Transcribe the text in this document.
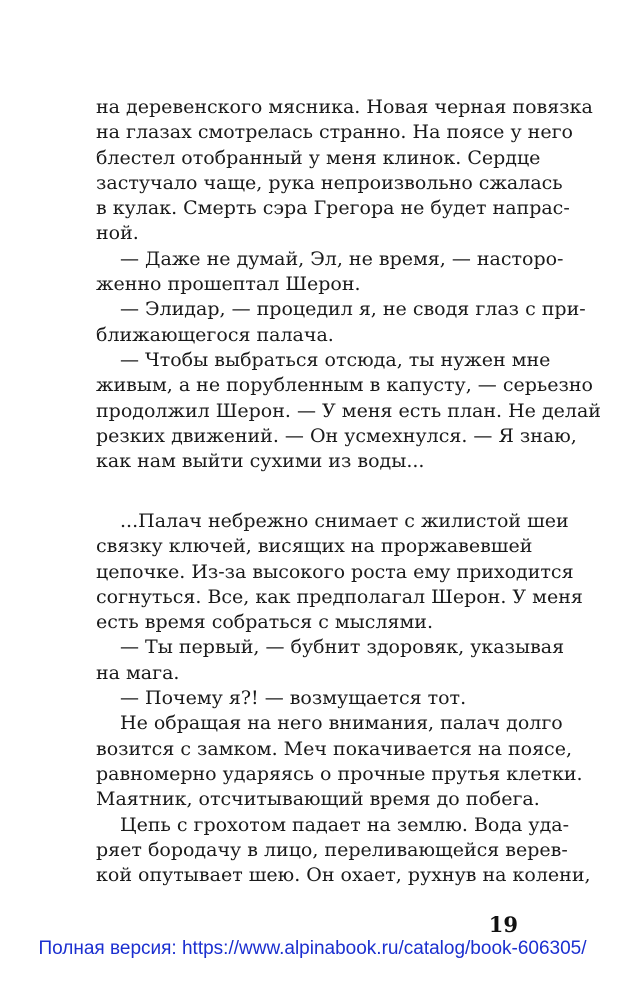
на деревенского мясника. Новая черная повязка
на глазах смотрелась странно. На поясе у него
блестел отобранный у меня клинок. Сердце
застучало чаще, рука непроизвольно сжалась
в кулак. Смерть сэра Грегора не будет напрас-
ной.
— Даже не думай, Эл, не время, — насторо-
женно прошептал Шерон.
— Элидар, — процедил я, не сводя глаз с при-
ближающегося палача.
— Чтобы выбраться отсюда, ты нужен мне
живым, а не порубленным в капусту, — серьезно
продолжил Шерон. — У меня есть план. Не делай
резких движений. — Он усмехнулся. — Я знаю,
как нам выйти сухими из воды...
...Палач небрежно снимает с жилистой шеи
связку ключей, висящих на проржавевшей
цепочке. Из-за высокого роста ему приходится
согнуться. Все, как предполагал Шерон. У меня
есть время собраться с мыслями.
— Ты первый, — бубнит здоровяк, указывая
на мага.
— Почему я?! — возмущается тот.
Не обращая на него внимания, палач долго
возится с замком. Меч покачивается на поясе,
равномерно ударяясь о прочные прутья клетки.
Маятник, отсчитывающий время до побега.
Цепь с грохотом падает на землю. Вода уда-
ряет бородачу в лицо, переливающейся верев-
кой опутывает шею. Он охает, рухнув на колени,
19
Полная версия: https://www.alpinabook.ru/catalog/book-606305/
